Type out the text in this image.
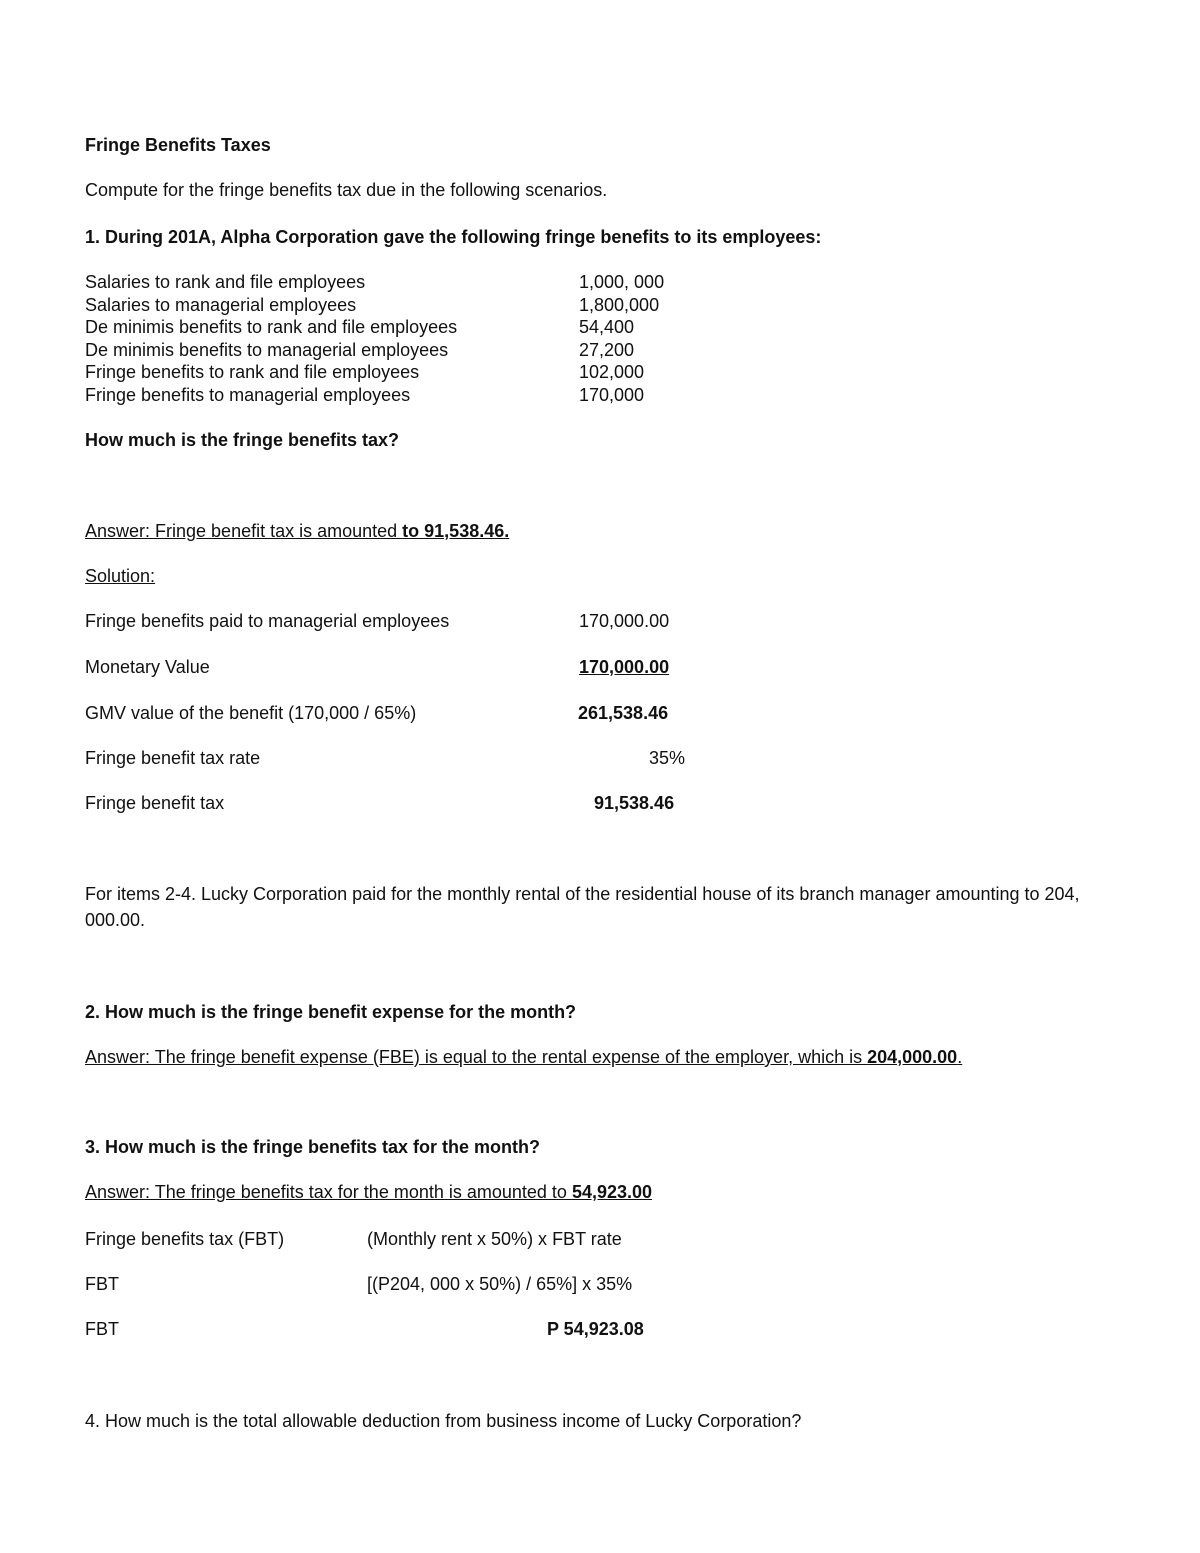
Fringe Benefits Taxes
Compute for the fringe benefits tax due in the following scenarios.
1. During 201A, Alpha Corporation gave the following fringe benefits to its employees:
Salaries to rank and file employees	1,000, 000
Salaries to managerial employees	1,800,000
De minimis benefits to rank and file employees	54,400
De minimis benefits to managerial employees	27,200
Fringe benefits to rank and file employees	102,000
Fringe benefits to managerial employees	170,000
How much is the fringe benefits tax?
Answer: Fringe benefit tax is amounted to 91,538.46.
Solution:
Fringe benefits paid to managerial employees	170,000.00
Monetary Value	170,000.00
GMV value of the benefit (170,000 / 65%)	261,538.46
Fringe benefit tax rate	35%
Fringe benefit tax	91,538.46
For items 2-4. Lucky Corporation paid for the monthly rental of the residential house of its branch manager amounting to 204, 000.00.
2. How much is the fringe benefit expense for the month?
Answer: The fringe benefit expense (FBE) is equal to the rental expense of the employer, which is 204,000.00.
3. How much is the fringe benefits tax for the month?
Answer: The fringe benefits tax for the month is amounted to 54,923.00
Fringe benefits tax (FBT)	(Monthly rent x 50%) x FBT rate
FBT	[(P204, 000 x 50%) / 65%] x 35%
FBT	P 54,923.08
4. How much is the total allowable deduction from business income of Lucky Corporation?
